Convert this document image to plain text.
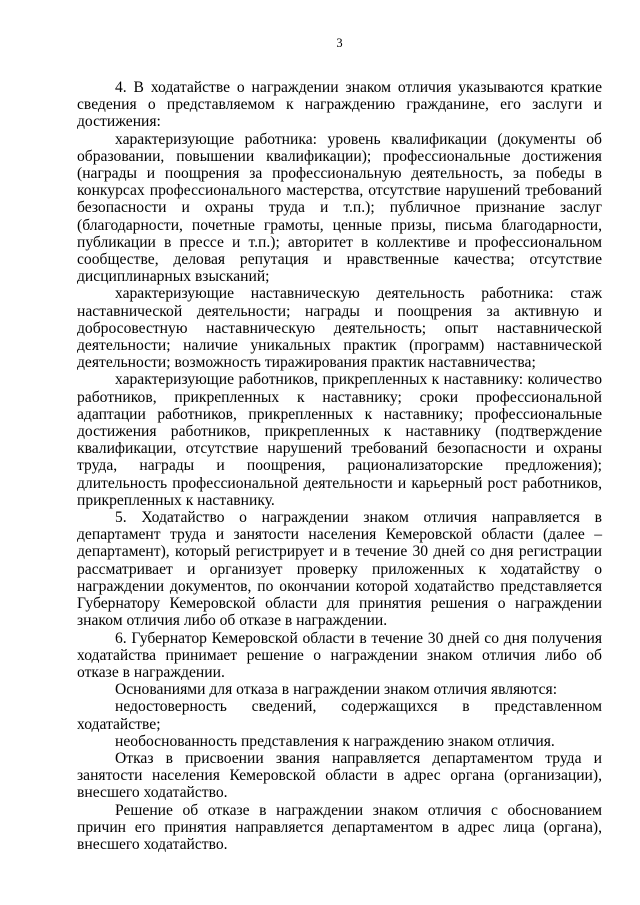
3

4. В ходатайстве о награждении знаком отличия указываются краткие сведения о представляемом к награждению гражданине, его заслуги и достижения:

характеризующие работника: уровень квалификации (документы об образовании, повышении квалификации); профессиональные достижения (награды и поощрения за профессиональную деятельность, за победы в конкурсах профессионального мастерства, отсутствие нарушений требований безопасности и охраны труда и т.п.); публичное признание заслуг (благодарности, почетные грамоты, ценные призы, письма благодарности, публикации в прессе и т.п.); авторитет в коллективе и профессиональном сообществе, деловая репутация и нравственные качества; отсутствие дисциплинарных взысканий;

характеризующие наставническую деятельность работника: стаж наставнической деятельности; награды и поощрения за активную и добросовестную наставническую деятельность; опыт наставнической деятельности; наличие уникальных практик (программ) наставнической деятельности; возможность тиражирования практик наставничества;

характеризующие работников, прикрепленных к наставнику: количество работников, прикрепленных к наставнику; сроки профессиональной адаптации работников, прикрепленных к наставнику; профессиональные достижения работников, прикрепленных к наставнику (подтверждение квалификации, отсутствие нарушений требований безопасности и охраны труда, награды и поощрения, рационализаторские предложения); длительность профессиональной деятельности и карьерный рост работников, прикрепленных к наставнику.

5. Ходатайство о награждении знаком отличия направляется в департамент труда и занятости населения Кемеровской области (далее – департамент), который регистрирует и в течение 30 дней со дня регистрации рассматривает и организует проверку приложенных к ходатайству о награждении документов, по окончании которой ходатайство представляется Губернатору Кемеровской области для принятия решения о награждении знаком отличия либо об отказе в награждении.

6. Губернатор Кемеровской области в течение 30 дней со дня получения ходатайства принимает решение о награждении знаком отличия либо об отказе в награждении.

Основаниями для отказа в награждении знаком отличия являются:

недостоверность сведений, содержащихся в представленном ходатайстве;

необоснованность представления к награждению знаком отличия.

Отказ в присвоении звания направляется департаментом труда и занятости населения Кемеровской области в адрес органа (организации), внесшего ходатайство.

Решение об отказе в награждении знаком отличия с обоснованием причин его принятия направляется департаментом в адрес лица (органа), внесшего ходатайство.
